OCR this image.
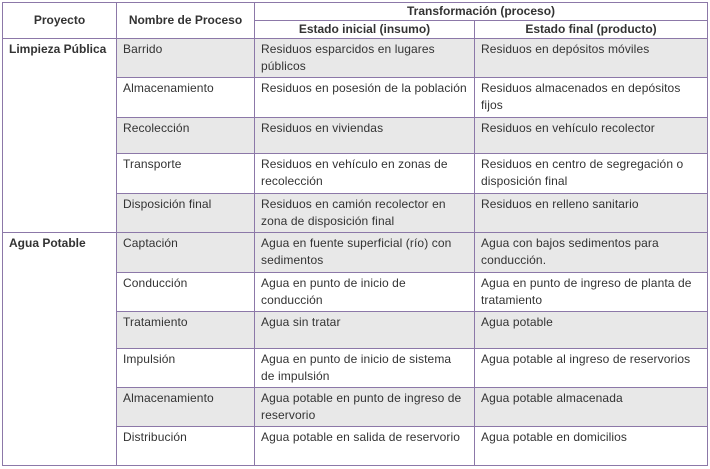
Proyecto	Nombre de Proceso	Transformación (proceso)	
		Estado inicial (insumo)	Estado final (producto)
Limpieza Pública	Barrido	Residuos esparcidos en lugares públicos	Residuos en depósitos móviles
	Almacenamiento	Residuos en posesión de la población	Residuos almacenados en depósitos fijos
	Recolección	Residuos en viviendas	Residuos en vehículo recolector
	Transporte	Residuos en vehículo en zonas de recolección	Residuos en centro de segregación o disposición final
	Disposición final	Residuos en camión recolector en zona de disposición final	Residuos en relleno sanitario
Agua Potable	Captación	Agua en fuente superficial (río) con sedimentos	Agua con bajos sedimentos para conducción.
	Conducción	Agua en punto de inicio de conducción	Agua en punto de ingreso de planta de tratamiento
	Tratamiento	Agua sin tratar	Agua potable
	Impulsión	Agua en punto de inicio de sistema de impulsión	Agua potable al ingreso de reservorios
	Almacenamiento	Agua potable en punto de ingreso de reservorio	Agua potable almacenada
	Distribución	Agua potable en salida de reservorio	Agua potable en domicilios
